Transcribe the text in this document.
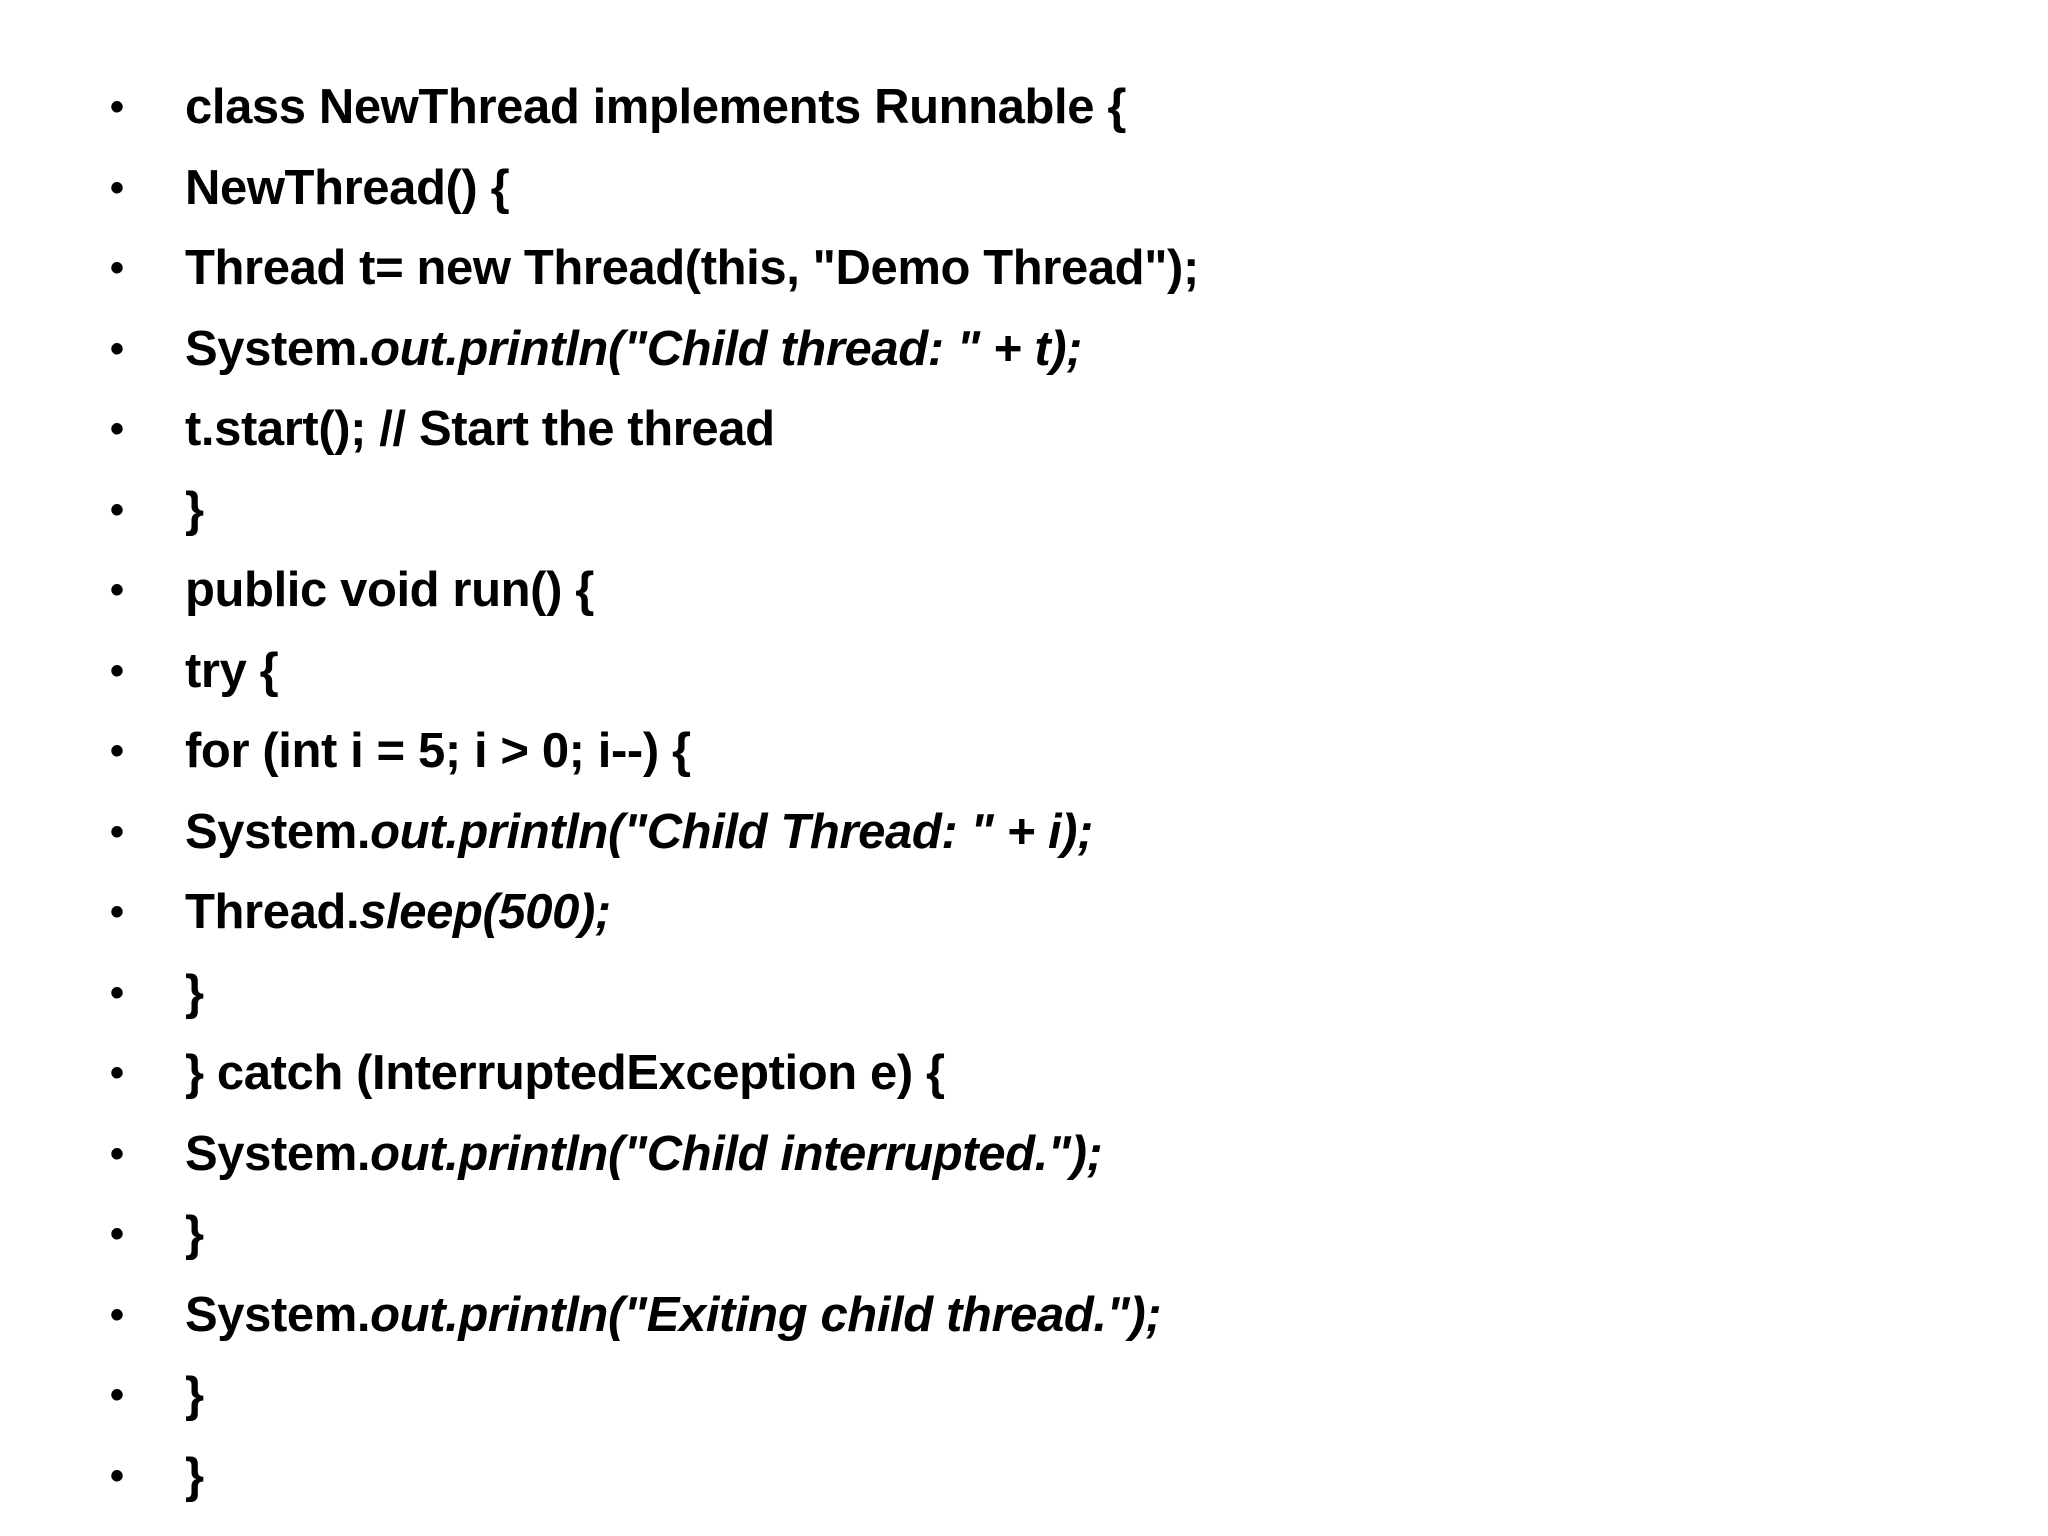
• class NewThread implements Runnable {
• NewThread() {
• Thread t= new Thread(this, "Demo Thread");
• System.out.println("Child thread: " + t);
• t.start(); // Start the thread
• }
• public void run() {
• try {
• for (int i = 5; i > 0; i--) {
• System.out.println("Child Thread: " + i);
• Thread.sleep(500);
• }
• } catch (InterruptedException e) {
• System.out.println("Child interrupted.");
• }
• System.out.println("Exiting child thread.");
• }
• }
